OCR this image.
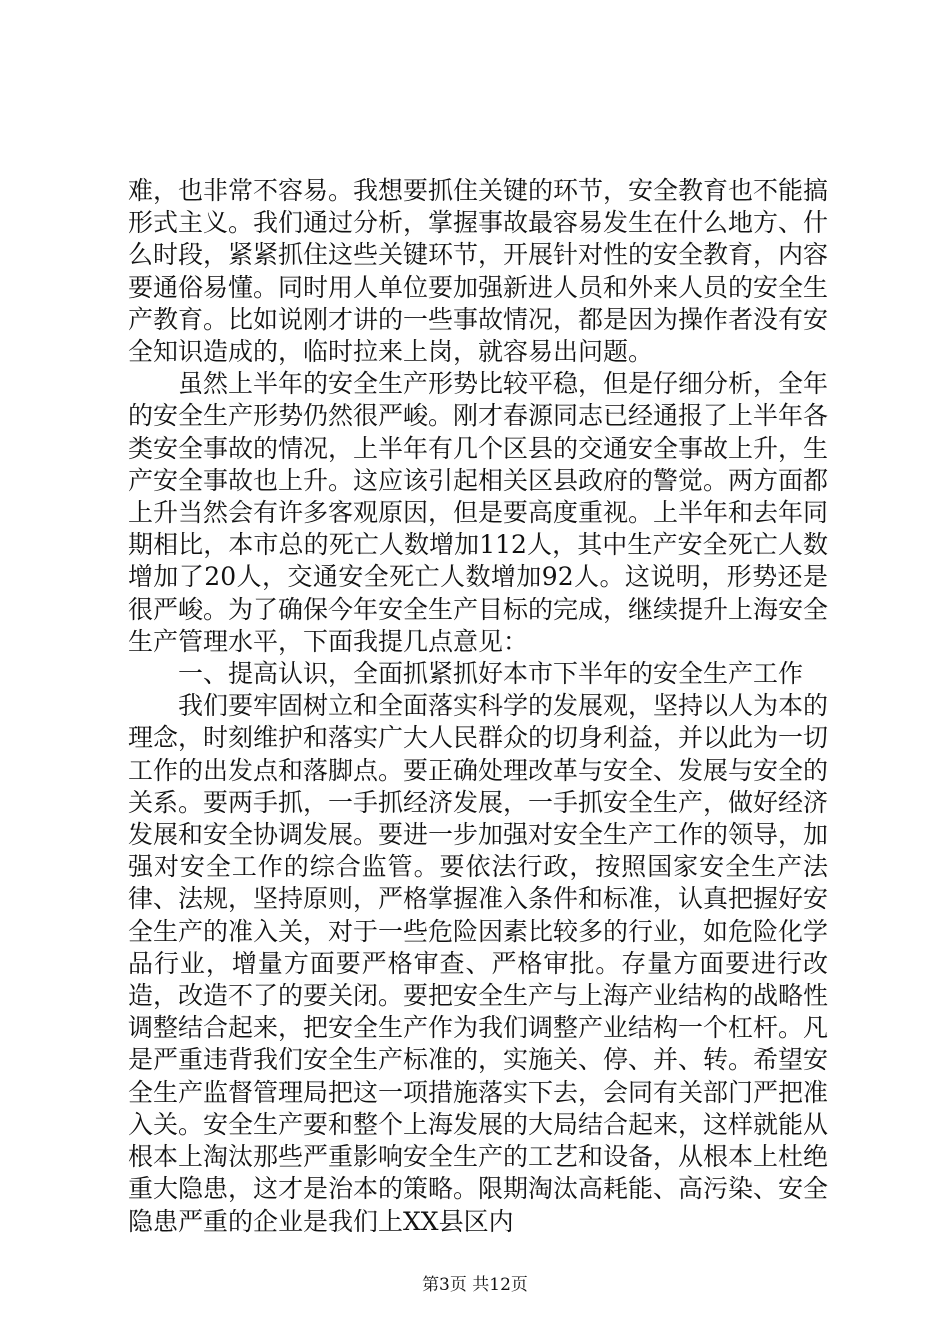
难，也非常不容易。我想要抓住关键的环节，安全教育也不能搞形式主义。我们通过分析，掌握事故最容易发生在什么地方、什么时段，紧紧抓住这些关键环节，开展针对性的安全教育，内容要通俗易懂。同时用人单位要加强新进人员和外来人员的安全生产教育。比如说刚才讲的一些事故情况，都是因为操作者没有安全知识造成的，临时拉来上岗，就容易出问题。

虽然上半年的安全生产形势比较平稳，但是仔细分析，全年的安全生产形势仍然很严峻。刚才春源同志已经通报了上半年各类安全事故的情况，上半年有几个区县的交通安全事故上升，生产安全事故也上升。这应该引起相关区县政府的警觉。两方面都上升当然会有许多客观原因，但是要高度重视。上半年和去年同期相比，本市总的死亡人数增加112人，其中生产安全死亡人数增加了20人，交通安全死亡人数增加92人。这说明，形势还是很严峻。为了确保今年安全生产目标的完成，继续提升上海安全生产管理水平，下面我提几点意见：

一、提高认识，全面抓紧抓好本市下半年的安全生产工作

我们要牢固树立和全面落实科学的发展观，坚持以人为本的理念，时刻维护和落实广大人民群众的切身利益，并以此为一切工作的出发点和落脚点。要正确处理改革与安全、发展与安全的关系。要两手抓，一手抓经济发展，一手抓安全生产，做好经济发展和安全协调发展。要进一步加强对安全生产工作的领导，加强对安全工作的综合监管。要依法行政，按照国家安全生产法律、法规，坚持原则，严格掌握准入条件和标准，认真把握好安全生产的准入关，对于一些危险因素比较多的行业，如危险化学品行业，增量方面要严格审查、严格审批。存量方面要进行改造，改造不了的要关闭。要把安全生产与上海产业结构的战略性调整结合起来，把安全生产作为我们调整产业结构一个杠杆。凡是严重违背我们安全生产标准的，实施关、停、并、转。希望安全生产监督管理局把这一项措施落实下去，会同有关部门严把准入关。安全生产要和整个上海发展的大局结合起来，这样就能从根本上淘汰那些严重影响安全生产的工艺和设备，从根本上杜绝重大隐患，这才是治本的策略。限期淘汰高耗能、高污染、安全隐患严重的企业是我们上XX县区内

第3页 共12页
